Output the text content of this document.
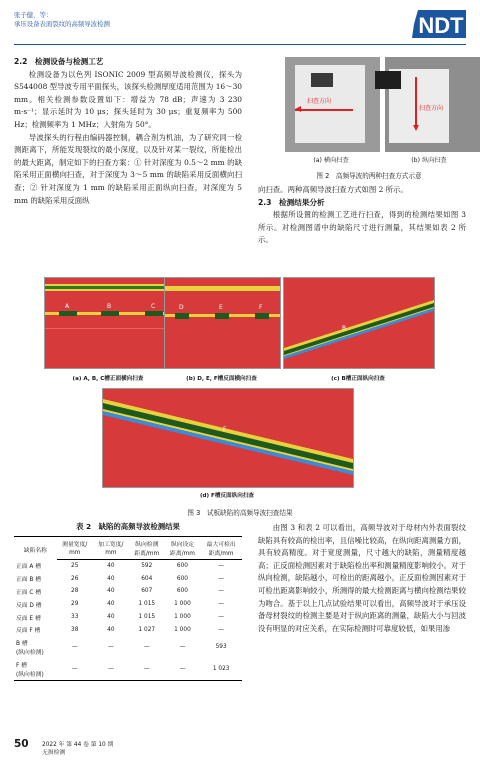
张子健，等：
承压设备表面裂纹的高频导波检测	NDT
2.2　检测设备与检测工艺

检测设备为以色列 ISONIC 2009 型高频导波检测仪，探头为 S544008 型导波专用平面探头，该探头检测厚度适用范围为 16～30 mm。相关检测参数设置如下：增益为 78 dB；声速为 3 230 m·s⁻¹；显示延时为 10 μs；探头延时为 30 μs；重复频率为 500 Hz；检测频率为 1 MHz；入射角为 50°。

导波探头的行程由编码器控制，耦合剂为机油，为了研究同一检测距离下，所能发现裂纹的最小深度，以及针对某一裂纹，所能检出的最大距离，制定如下的扫查方案：① 针对深度为 0.5～2 mm 的缺陷采用正面横向扫查，对于深度为 3～5 mm 的缺陷采用反面横向扫查；② 针对深度为 1 mm 的缺陷采用正面纵向扫查，对深度为 5 mm 的缺陷采用反面纵

扫查方向
扫查方向
(a) 横向扫查	(b) 纵向扫查
图 2　高频导波的两种扫查方式示意
向扫查。两种高频导波扫查方式如图 2 所示。
2.3　检测结果分析

根据所设置的检测工艺进行扫查，得到的检测结果如图 3 所示。对检测图谱中的缺陷尺寸进行测量，其结果如表 2 所示。

A	B	C	D	E	F
B
(a) A, B, C槽正面横向扫查	(b) D, E, F槽反面横向扫查	(c) B槽正面纵向扫查
F
(d) F槽反面纵向扫查
图 3　试板缺陷的高频导波扫查结果
表 2　缺陷的高频导波检测结果
缺陷名称	测量宽度/	加工宽度/	纵向检测	纵向设定	最大可检出
	mm	mm	距离/mm	距离/mm	距离/mm

正面 A 槽	25	40	592	600	—

正面 B 槽	26	40	604	600	—

正面 C 槽	28	40	607	600	—

反面 D 槽	29	40	1 015	1 000	—

反面 E 槽	33	40	1 015	1 000	—

反面 F 槽	38	40	1 027	1 000	—

B 槽
(纵向检测)	—	—	—	—	593

F 槽
(纵向检测)	—	—	—	—	1 023

由图 3 和表 2 可以看出，高频导波对于母材内外表面裂纹缺陷具有较高的检出率，且信噪比较高，在纵向距离测量方面，具有较高精度。对于宽度测量，尺寸越大的缺陷，测量精度越高；正反面检测因素对于缺陷检出率和测量精度影响较小。对于纵向检测，缺陷越小，可检出的距离越小，正反面检测因素对于可检出距离影响较小，所测得的最大检测距离与横向检测结果较为吻合。基于以上几点试验结果可以看出，高频导波对于承压设备母材裂纹的检测主要是对于纵向距离的测量，缺陷大小与回波没有明显的对应关系，在实际检测时可靠度较低，如果用渗

50 2022 年 第 44 卷 第 10 期
无损检测
